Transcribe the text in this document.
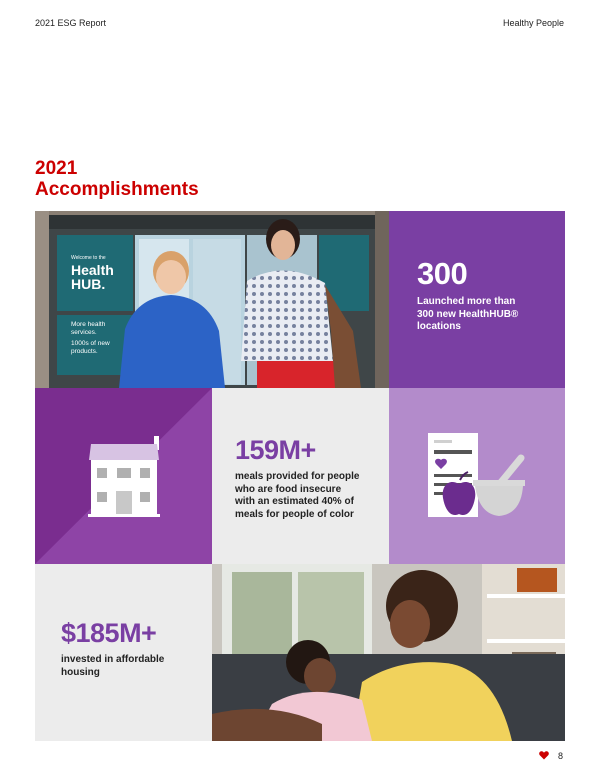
2021 ESG Report	Healthy People
2021
Accomplishments
Welcome to the
Health
HUB.
More health
services.
1000s of new
products.
300
Launched more than
300 new HealthHUB®
locations
159M+
meals provided for people
who are food insecure
with an estimated 40% of
meals for people of color
$185M+
invested in affordable
housing
8
